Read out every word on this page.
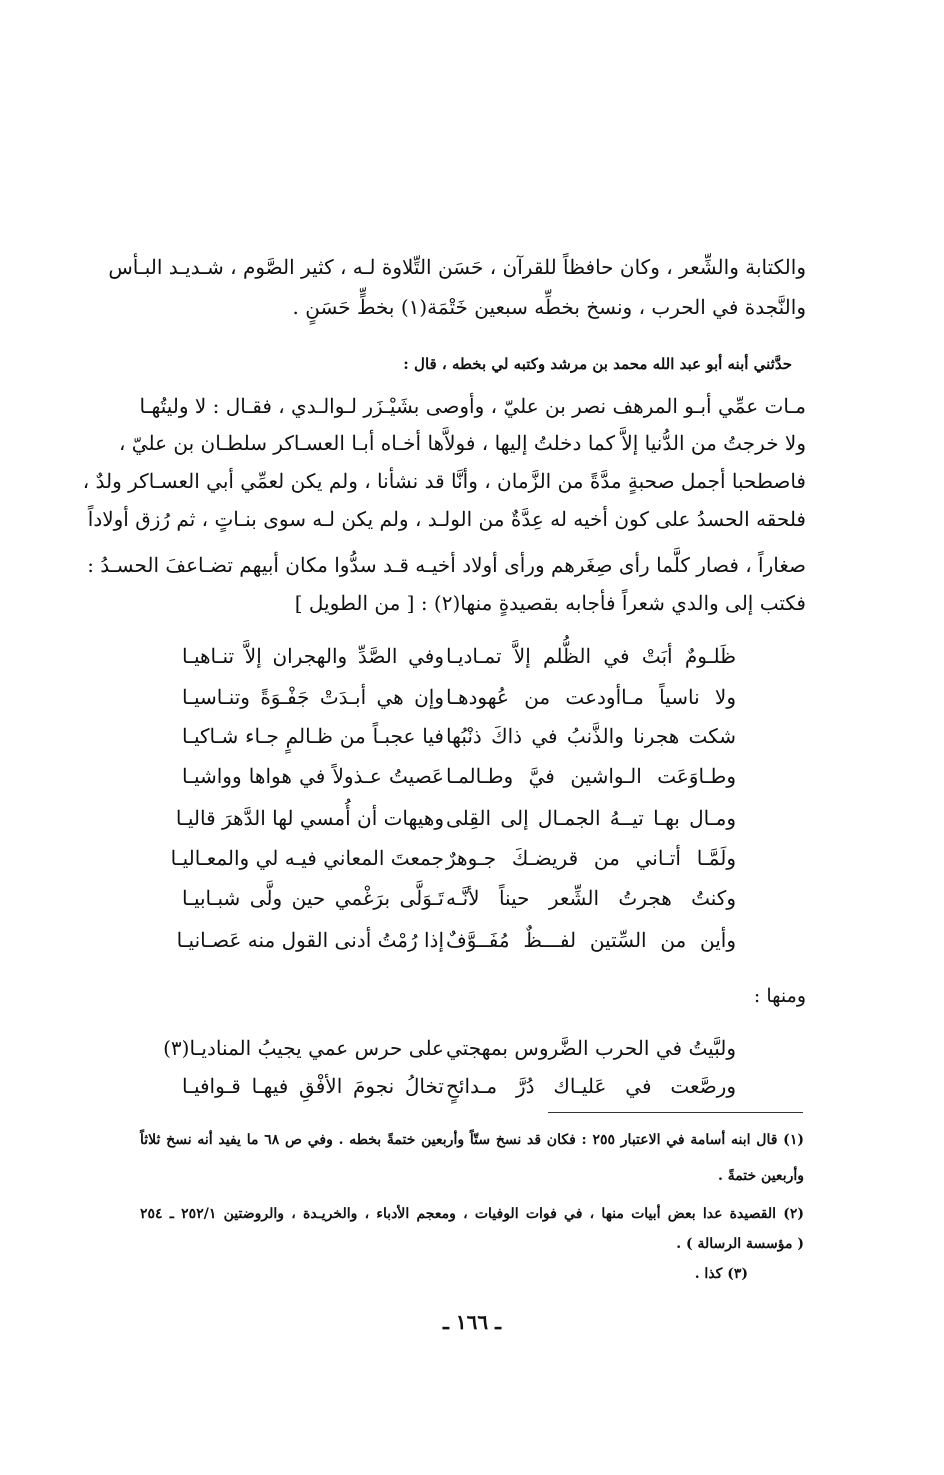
والكتابة والشِّعر ، وكان حافظاً للقرآن ، حَسَن التِّلاوة لـه ، كثير الصَّوم ، شـديـد البـأس
والنَّجدة في الحرب ، ونسخ بخطِّه سبعين خَتْمَة(١) بخطٍّ حَسَنٍ .
حدَّثني أبنه أبو عبد الله محمد بن مرشد وكتبه لي بخطه ، قال :
مـات عمِّي أبـو المرهف نصر بن عليّ ، وأوصى بشَيْـزَر لـوالـدي ، فقـال : لا وليتُهـا
ولا خرجتُ من الدُّنيا إلاَّ كما دخلتُ إليها ، فولاَّها أخـاه أبـا العسـاكر سلطـان بن عليّ ،
فاصطحبا أجمل صحبةٍ مدَّةً من الزَّمان ، وأنَّا قد نشأنا ، ولم يكن لعمِّي أبي العسـاكر ولدٌ ،
فلحقه الحسدُ على كون أخيه له عِدَّةٌ من الولـد ، ولم يكن لـه سوى بنـاتٍ ، ثم رُزق أولاداً
صغاراً ، فصار كلَّما رأى صِغَرهم ورأى أولاد أخيـه قـد سدُّوا مكان أبيهم تضـاعفَ الحسـدُ :
فكتب إلى والدي شعراً فأجابه بقصيدةٍ منها(٢) : [ من الطويل ]
ظَلـومٌ أبَتْ في الظُّلم إلاَّ تمـاديـا
وفي الصَّدِّ والهجران إلاَّ تنـاهيـا
ولا ناسياً مـاأودعت من عُهودهـا
وإن هي أبـدَتْ جَفْـوَةً وتنـاسيـا
شكت هجرنا والذَّنبُ في ذاكَ ذنْبُها
فيا عجبـاً من ظـالمٍ جـاء شـاكيـا
وطـاوَعَت الـواشين فيَّ وطـالمـا
عَصيتُ عـذولاً في هواها وواشيـا
ومـال بهـا تيــهُ الجمـال إلى القِلى
وهيهات أن أُمسي لها الدَّهرَ قاليـا
ولَمَّـا أتـاني من قريضـكَ جـوهرٌ
جمعتَ المعاني فيـه لي والمعـاليـا
وكنتُ هجرتُ الشِّعر حيناً لأنَّـه
تَـوَلَّى برَغْمي حين ولَّى شبـابيـا
وأين من السِّتين لفـــظٌ مُفَــوَّفٌ
إذا رُمْتُ أدنى القول منه عَصـانيـا
ومنها :
ولبَّيتُ في الحرب الضَّروس بمهجتي
على حرس عمي يجيبُ المناديـا(٣)
ورصَّعت في عَليـاك دُرَّ مـدائحٍ
تخالُ نجومَ الأفْقِ فيهـا قـوافيـا
(١) قال ابنه أسامة في الاعتبار ٢٥٥ : فكان قد نسخ ستّاً وأربعين ختمةً بخطه . وفي ص ٦٨ ما يفيد أنه نسخ ثلاثاً
وأربعين ختمةً .
(٢) القصيدة عدا بعض أبيات منها ، في فوات الوفيات ، ومعجم الأدباء ، والخريـدة ، والروضتين ٢٥٢/١ ـ ٢٥٤
( مؤسسة الرسالة ) .
(٣) كذا .
ـ ١٦٦ ـ
